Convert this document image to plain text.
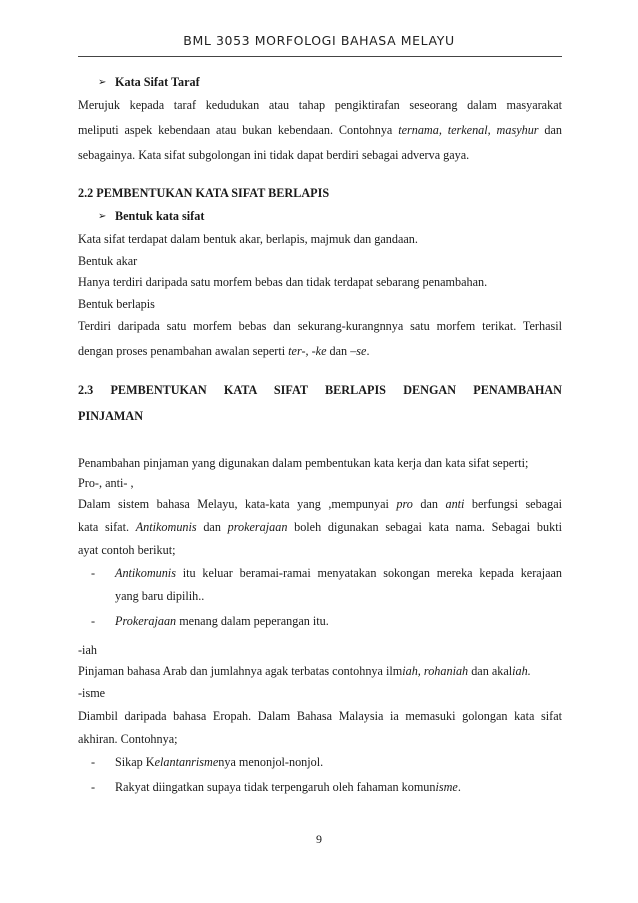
BML 3053 MORFOLOGI BAHASA MELAYU
➢ Kata Sifat Taraf
Merujuk kepada taraf kedudukan atau tahap pengiktirafan seseorang dalam masyarakat
meliputi aspek kebendaan atau bukan kebendaan. Contohnya ternama, terkenal, masyhur dan
sebagainya. Kata sifat subgolongan ini tidak dapat berdiri sebagai adverva gaya.
2.2 PEMBENTUKAN KATA SIFAT BERLAPIS
➢ Bentuk kata sifat
Kata sifat terdapat dalam bentuk akar, berlapis, majmuk dan gandaan.
Bentuk akar
Hanya terdiri daripada satu morfem bebas dan tidak terdapat sebarang penambahan.
Bentuk berlapis
Terdiri daripada satu morfem bebas dan sekurang-kurangnnya satu morfem terikat. Terhasil
dengan proses penambahan awalan seperti ter-, -ke dan –se.
2.3 PEMBENTUKAN KATA SIFAT BERLAPIS DENGAN PENAMBAHAN
PINJAMAN
Penambahan pinjaman yang digunakan dalam pembentukan kata kerja dan kata sifat seperti;
Pro-, anti- ,
Dalam sistem bahasa Melayu, kata-kata yang ,mempunyai pro dan anti berfungsi sebagai
kata sifat. Antikomunis dan prokerajaan boleh digunakan sebagai kata nama. Sebagai bukti
ayat contoh berikut;
- Antikomunis itu keluar beramai-ramai menyatakan sokongan mereka kepada kerajaan
yang baru dipilih..
- Prokerajaan menang dalam peperangan itu.
-iah
Pinjaman bahasa Arab dan jumlahnya agak terbatas contohnya ilmiah, rohaniah dan akaliah.
-isme
Diambil daripada bahasa Eropah. Dalam Bahasa Malaysia ia memasuki golongan kata sifat
akhiran. Contohnya;
- Sikap Kelantanrismenya menonjol-nonjol.
- Rakyat diingatkan supaya tidak terpengaruh oleh fahaman komunisme.
9
